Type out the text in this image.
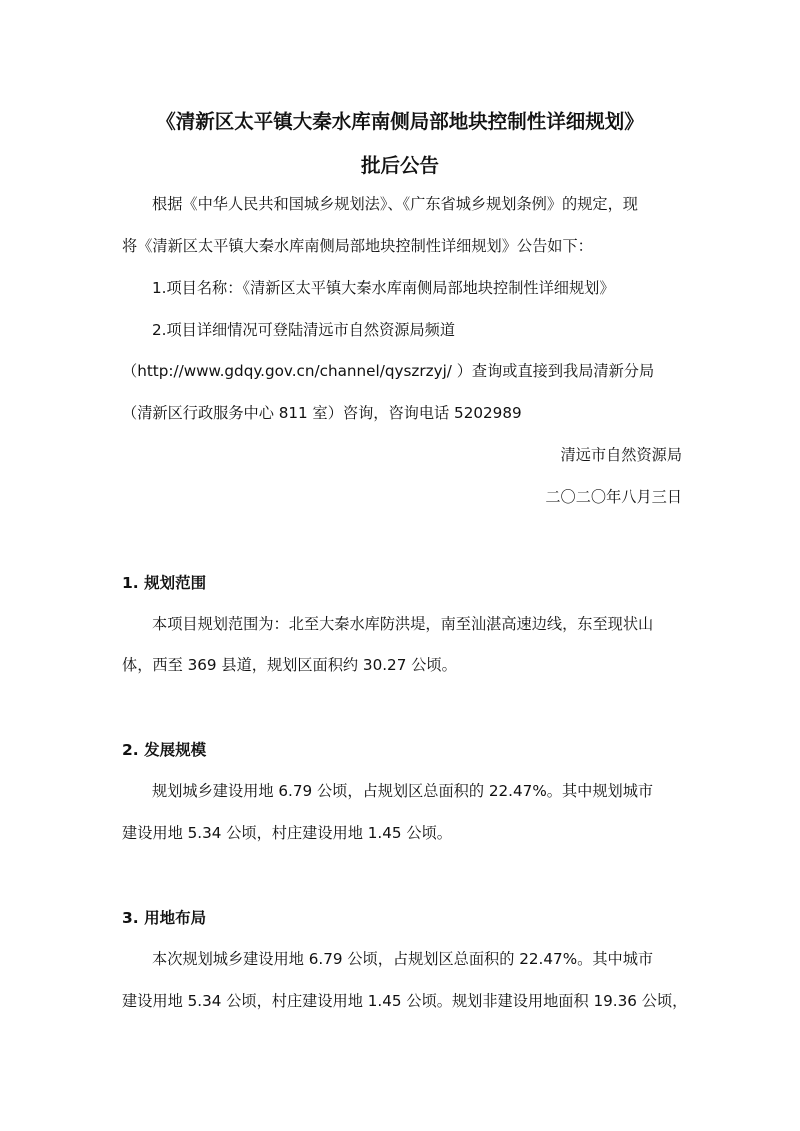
《清新区太平镇大秦水库南侧局部地块控制性详细规划》
批后公告
根据《中华人民共和国城乡规划法》、《广东省城乡规划条例》的规定，现
将《清新区太平镇大秦水库南侧局部地块控制性详细规划》公告如下：
1.项目名称：《清新区太平镇大秦水库南侧局部地块控制性详细规划》
2.项目详细情况可登陆清远市自然资源局频道
（http://www.gdqy.gov.cn/channel/qyszrzyj/ ）查询或直接到我局清新分局
（清新区行政服务中心 811 室）咨询，咨询电话 5202989
清远市自然资源局
二〇二〇年八月三日
1. 规划范围
本项目规划范围为：北至大秦水库防洪堤，南至汕湛高速边线，东至现状山
体，西至 369 县道，规划区面积约 30.27 公顷。
2. 发展规模
规划城乡建设用地 6.79 公顷，占规划区总面积的 22.47%。其中规划城市
建设用地 5.34 公顷，村庄建设用地 1.45 公顷。
3. 用地布局
本次规划城乡建设用地 6.79 公顷，占规划区总面积的 22.47%。其中城市
建设用地 5.34 公顷，村庄建设用地 1.45 公顷。规划非建设用地面积 19.36 公顷，
